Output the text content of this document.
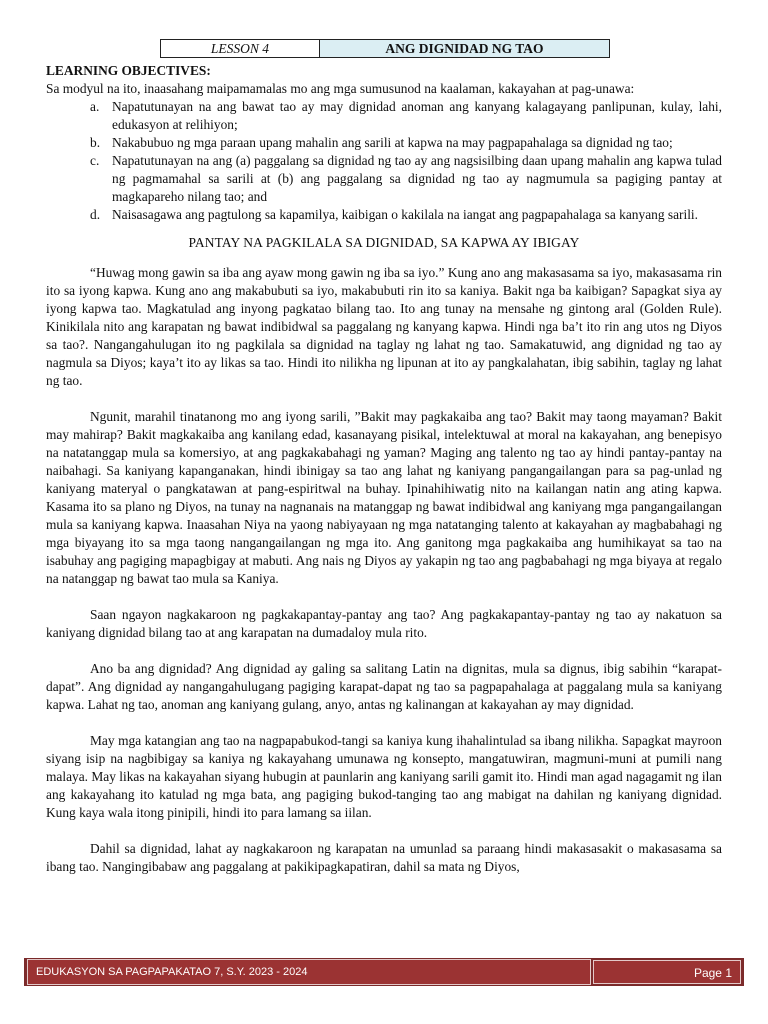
LESSON 4	ANG DIGNIDAD NG TAO

LEARNING OBJECTIVES:

Sa modyul na ito, inaasahang maipamamalas mo ang mga sumusunod na kaalaman, kakayahan at pag-unawa:

a. Napatutunayan na ang bawat tao ay may dignidad anoman ang kanyang kalagayang panlipunan, kulay, lahi, edukasyon at relihiyon;
b. Nakabubuo ng mga paraan upang mahalin ang sarili at kapwa na may pagpapahalaga sa dignidad ng tao;
c. Napatutunayan na ang (a) paggalang sa dignidad ng tao ay ang nagsisilbing daan upang mahalin ang kapwa tulad ng pagmamahal sa sarili at (b) ang paggalang sa dignidad ng tao ay nagmumula sa pagiging pantay at magkapareho nilang tao; and
d. Naisasagawa ang pagtulong sa kapamilya, kaibigan o kakilala na iangat ang pagpapahalaga sa kanyang sarili.
PANTAY NA PAGKILALA SA DIGNIDAD, SA KAPWA AY IBIGAY

“Huwag mong gawin sa iba ang ayaw mong gawin ng iba sa iyo.” Kung ano ang makasasama sa iyo, makasasama rin ito sa iyong kapwa. Kung ano ang makabubuti sa iyo, makabubuti rin ito sa kaniya. Bakit nga ba kaibigan? Sapagkat siya ay iyong kapwa tao. Magkatulad ang inyong pagkatao bilang tao. Ito ang tunay na mensahe ng gintong aral (Golden Rule). Kinikilala nito ang karapatan ng bawat indibidwal sa paggalang ng kanyang kapwa. Hindi nga ba’t ito rin ang utos ng Diyos sa tao?. Nangangahulugan ito ng pagkilala sa dignidad na taglay ng lahat ng tao. Samakatuwid, ang dignidad ng tao ay nagmula sa Diyos; kaya’t ito ay likas sa tao. Hindi ito nilikha ng lipunan at ito ay pangkalahatan, ibig sabihin, taglay ng lahat ng tao.

Ngunit, marahil tinatanong mo ang iyong sarili, ”Bakit may pagkakaiba ang tao? Bakit may taong mayaman? Bakit may mahirap? Bakit magkakaiba ang kanilang edad, kasanayang pisikal, intelektuwal at moral na kakayahan, ang benepisyo na natatanggap mula sa komersiyo, at ang pagkakabahagi ng yaman? Maging ang talento ng tao ay hindi pantay-pantay na naibahagi. Sa kaniyang kapanganakan, hindi ibinigay sa tao ang lahat ng kaniyang pangangailangan para sa pag-unlad ng kaniyang materyal o pangkatawan at pang-espiritwal na buhay. Ipinahihiwatig nito na kailangan natin ang ating kapwa. Kasama ito sa plano ng Diyos, na tunay na nagnanais na matanggap ng bawat indibidwal ang kaniyang mga pangangailangan mula sa kaniyang kapwa. Inaasahan Niya na yaong nabiyayaan ng mga natatanging talento at kakayahan ay magbabahagi ng mga biyayang ito sa mga taong nangangailangan ng mga ito. Ang ganitong mga pagkakaiba ang humihikayat sa tao na isabuhay ang pagiging mapagbigay at mabuti. Ang nais ng Diyos ay yakapin ng tao ang pagbabahagi ng mga biyaya at regalo na natanggap ng bawat tao mula sa Kaniya.

Saan ngayon nagkakaroon ng pagkakapantay-pantay ang tao? Ang pagkakapantay-pantay ng tao ay nakatuon sa kaniyang dignidad bilang tao at ang karapatan na dumadaloy mula rito.

Ano ba ang dignidad? Ang dignidad ay galing sa salitang Latin na dignitas, mula sa dignus, ibig sabihin “karapat-dapat”. Ang dignidad ay nangangahulugang pagiging karapat-dapat ng tao sa pagpapahalaga at paggalang mula sa kaniyang kapwa. Lahat ng tao, anoman ang kaniyang gulang, anyo, antas ng kalinangan at kakayahan ay may dignidad.

May mga katangian ang tao na nagpapabukod-tangi sa kaniya kung ihahalintulad sa ibang nilikha. Sapagkat mayroon siyang isip na nagbibigay sa kaniya ng kakayahang umunawa ng konsepto, mangatuwiran, magmuni-muni at pumili nang malaya. May likas na kakayahan siyang hubugin at paunlarin ang kaniyang sarili gamit ito. Hindi man agad nagagamit ng ilan ang kakayahang ito katulad ng mga bata, ang pagiging bukod-tanging tao ang mabigat na dahilan ng kaniyang dignidad. Kung kaya wala itong pinipili, hindi ito para lamang sa iilan.

Dahil sa dignidad, lahat ay nagkakaroon ng karapatan na umunlad sa paraang hindi makasasakit o makasasama sa ibang tao. Nangingibabaw ang paggalang at pakikipagkapatiran, dahil sa mata ng Diyos,

EDUKASYON SA PAGPAPAKATAO 7, S.Y. 2023 - 2024	Page 1
